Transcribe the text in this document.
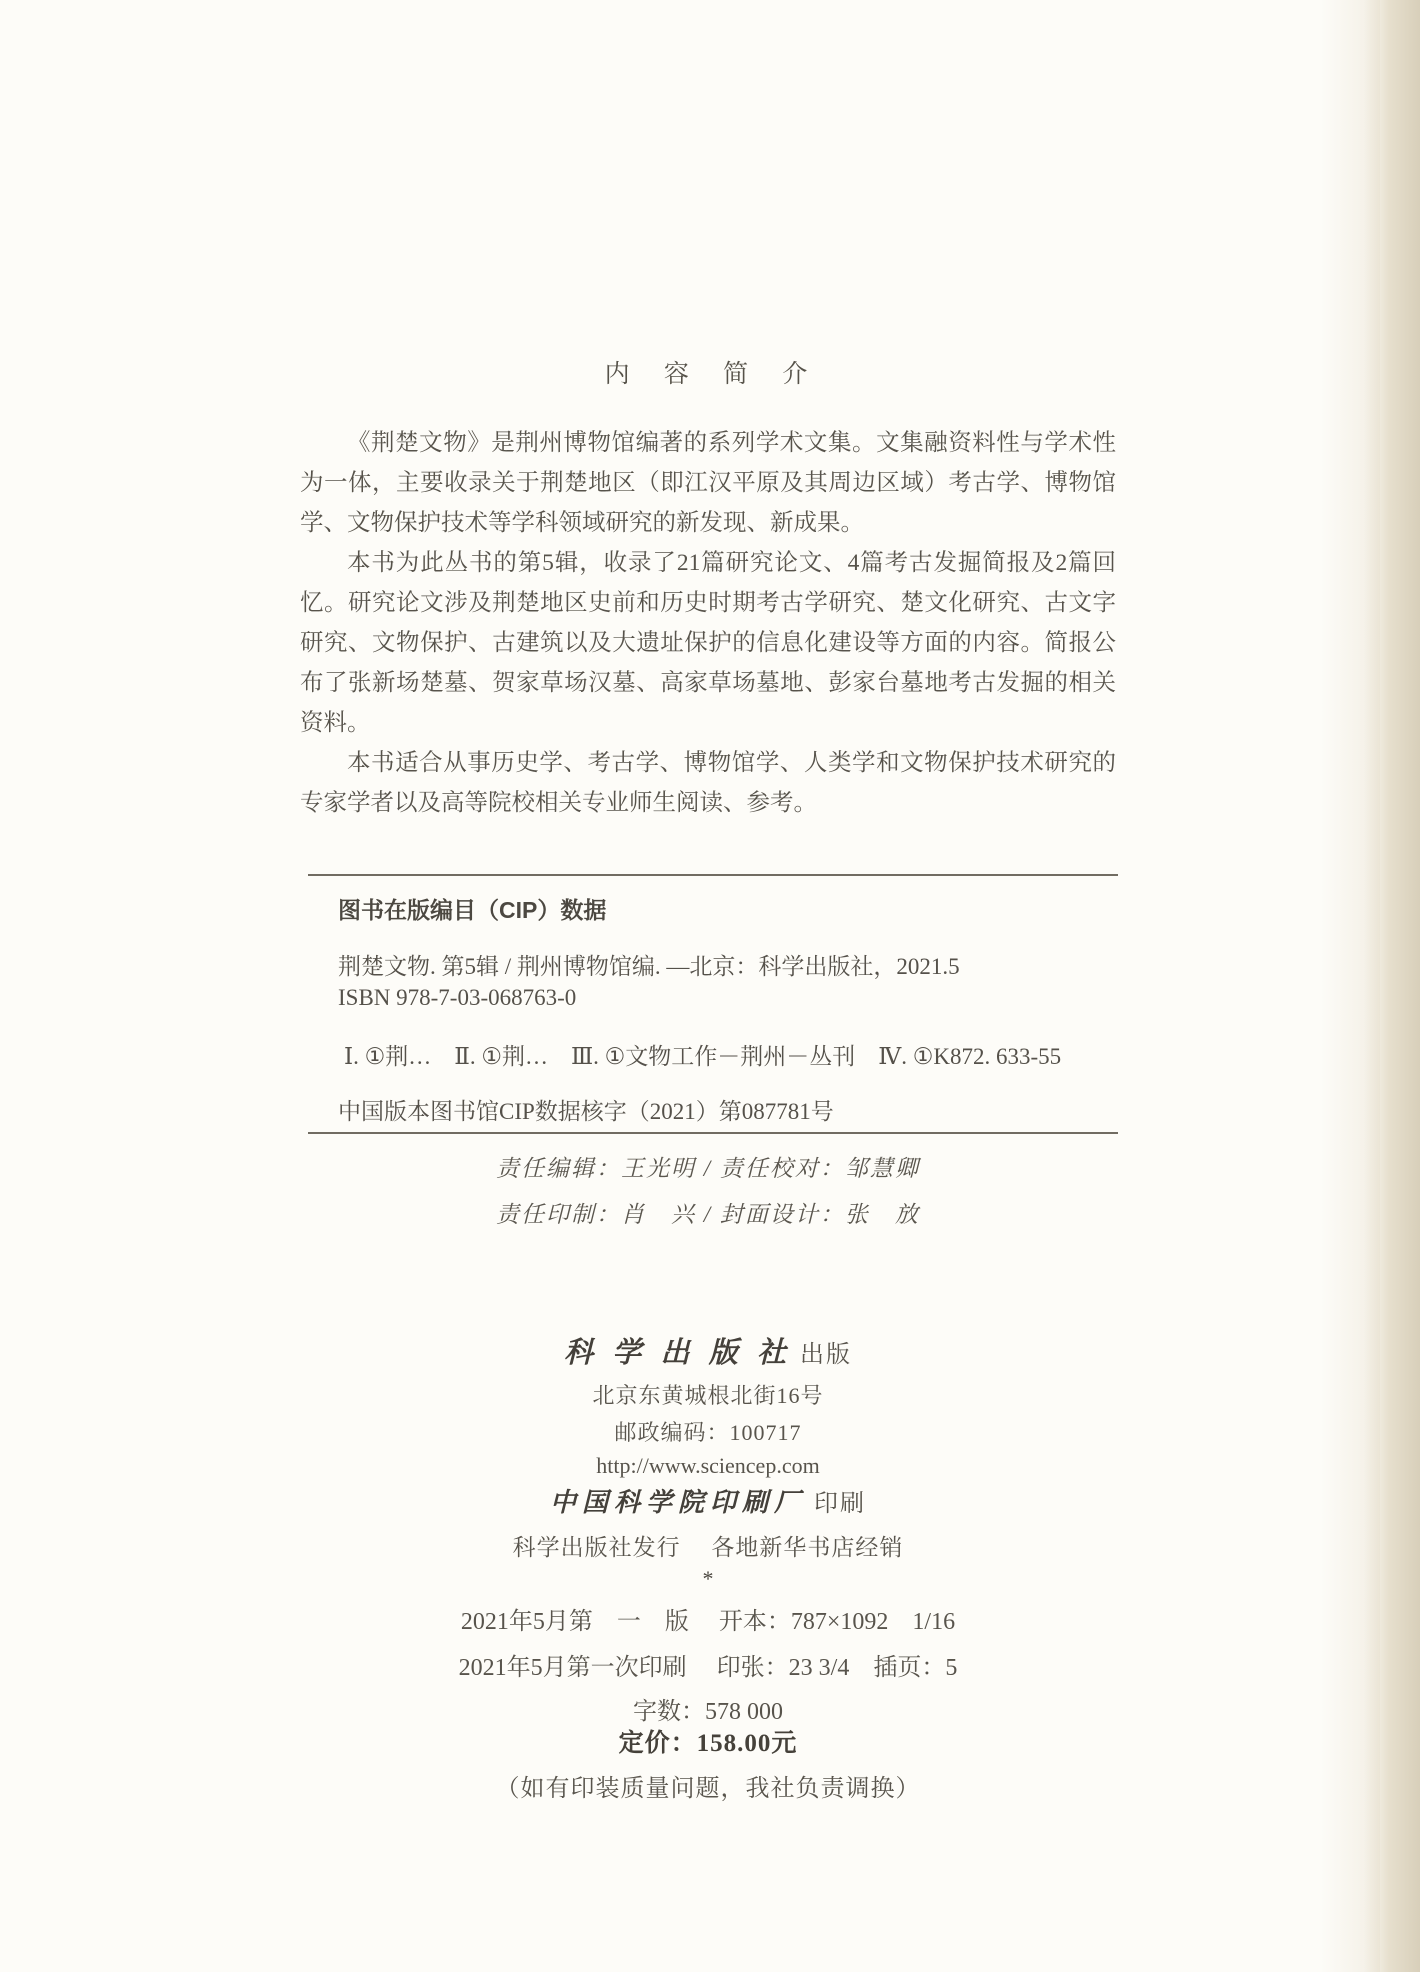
内 容 简 介

《荆楚文物》是荆州博物馆编著的系列学术文集。文集融资料性与学术性为一体，主要收录关于荆楚地区（即江汉平原及其周边区域）考古学、博物馆学、文物保护技术等学科领域研究的新发现、新成果。

本书为此丛书的第5辑，收录了21篇研究论文、4篇考古发掘简报及2篇回忆。研究论文涉及荆楚地区史前和历史时期考古学研究、楚文化研究、古文字研究、文物保护、古建筑以及大遗址保护的信息化建设等方面的内容。简报公布了张新场楚墓、贺家草场汉墓、高家草场墓地、彭家台墓地考古发掘的相关资料。

本书适合从事历史学、考古学、博物馆学、人类学和文物保护技术研究的专家学者以及高等院校相关专业师生阅读、参考。

图书在版编目（CIP）数据
荆楚文物. 第5辑 / 荆州博物馆编. —北京：科学出版社，2021.5
ISBN 978-7-03-068763-0
Ⅰ. ①荆…　Ⅱ. ①荆…　Ⅲ. ①文物工作－荆州－丛刊　Ⅳ. ①K872. 633-55
中国版本图书馆CIP数据核字（2021）第087781号
责任编辑：王光明 / 责任校对：邹慧卿
责任印制：肖　兴 / 封面设计：张　放
科 学 出 版 社 出版
北京东黄城根北街16号
邮政编码：100717
http://www.sciencep.com
中国科学院印刷厂 印刷
科学出版社发行　 各地新华书店经销
*
2021年5月第　一　版　 开本：787×1092　1/16
2021年5月第一次印刷　 印张：23 3/4　插页：5
字数：578 000
定价：158.00元
（如有印装质量问题，我社负责调换）
